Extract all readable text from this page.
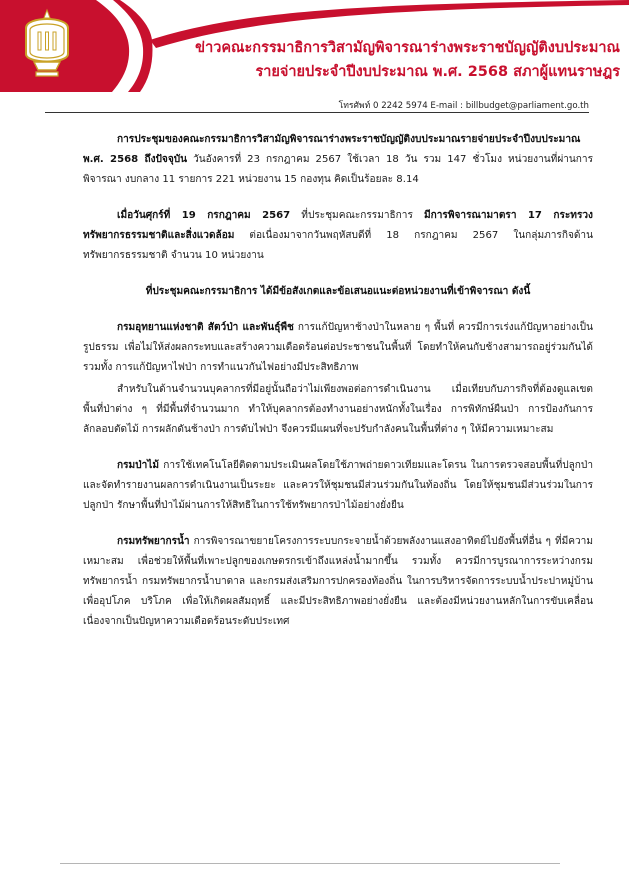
ข่าวคณะกรรมาธิการวิสามัญพิจารณาร่างพระราชบัญญัติงบประมาณ
รายจ่ายประจำปีงบประมาณ พ.ศ. 2568 สภาผู้แทนราษฎร
โทรศัพท์ 0 2242 5974 E-mail : billbudget@parliament.go.th

การประชุมของคณะกรรมาธิการวิสามัญพิจารณาร่างพระราชบัญญัติงบประมาณรายจ่ายประจำปีงบประมาณ พ.ศ. 2568 ถึงปัจจุบัน วันอังคารที่ 23 กรกฎาคม 2567 ใช้เวลา 18 วัน รวม 147 ชั่วโมง หน่วยงานที่ผ่านการพิจารณา งบกลาง 11 รายการ 221 หน่วยงาน 15 กองทุน คิดเป็นร้อยละ 8.14

เมื่อวันศุกร์ที่ 19 กรกฎาคม 2567 ที่ประชุมคณะกรรมาธิการ มีการพิจารณามาตรา 17 กระทรวงทรัพยากรธรรมชาติและสิ่งแวดล้อม ต่อเนื่องมาจากวันพฤหัสบดีที่ 18 กรกฎาคม 2567 ในกลุ่มภารกิจด้านทรัพยากรธรรมชาติ จำนวน 10 หน่วยงาน

ที่ประชุมคณะกรรมาธิการ ได้มีข้อสังเกตและข้อเสนอแนะต่อหน่วยงานที่เข้าพิจารณา ดังนี้

กรมอุทยานแห่งชาติ สัตว์ป่า และพันธุ์พืช การแก้ปัญหาช้างป่าในหลาย ๆ พื้นที่ ควรมีการเร่งแก้ปัญหาอย่างเป็นรูปธรรม เพื่อไม่ให้ส่งผลกระทบและสร้างความเดือดร้อนต่อประชาชนในพื้นที่ โดยทำให้คนกับช้างสามารถอยู่ร่วมกันได้ รวมทั้ง การแก้ปัญหาไฟป่า การทำแนวกันไฟอย่างมีประสิทธิภาพ

สำหรับในด้านจำนวนบุคลากรที่มีอยู่นั้นถือว่าไม่เพียงพอต่อการดำเนินงาน เมื่อเทียบกับภารกิจที่ต้องดูแลเขตพื้นที่ป่าต่าง ๆ ที่มีพื้นที่จำนวนมาก ทำให้บุคลากรต้องทำงานอย่างหนักทั้งในเรื่อง การพิทักษ์ผืนป่า การป้องกันการลักลอบตัดไม้ การผลักดันช้างป่า การดับไฟป่า จึงควรมีแผนที่จะปรับกำลังคนในพื้นที่ต่าง ๆ ให้มีความเหมาะสม

กรมป่าไม้ การใช้เทคโนโลยีติดตามประเมินผลโดยใช้ภาพถ่ายดาวเทียมและโดรน ในการตรวจสอบพื้นที่ปลูกป่าและจัดทำรายงานผลการดำเนินงานเป็นระยะ และควรให้ชุมชนมีส่วนร่วมกันในท้องถิ่น โดยให้ชุมชนมีส่วนร่วมในการปลูกป่า รักษาพื้นที่ป่าไม้ผ่านการให้สิทธิในการใช้ทรัพยากรป่าไม้อย่างยั่งยืน

กรมทรัพยากรน้ำ การพิจารณาขยายโครงการระบบกระจายน้ำด้วยพลังงานแสงอาทิตย์ไปยังพื้นที่อื่น ๆ ที่มีความเหมาะสม เพื่อช่วยให้พื้นที่เพาะปลูกของเกษตรกรเข้าถึงแหล่งน้ำมากขึ้น รวมทั้ง ควรมีการบูรณาการระหว่างกรมทรัพยากรน้ำ กรมทรัพยากรน้ำบาดาล และกรมส่งเสริมการปกครองท้องถิ่น ในการบริหารจัดการระบบน้ำประปาหมู่บ้านเพื่ออุปโภค บริโภค เพื่อให้เกิดผลสัมฤทธิ์ และมีประสิทธิภาพอย่างยั่งยืน และต้องมีหน่วยงานหลักในการขับเคลื่อนเนื่องจากเป็นปัญหาความเดือดร้อนระดับประเทศ
